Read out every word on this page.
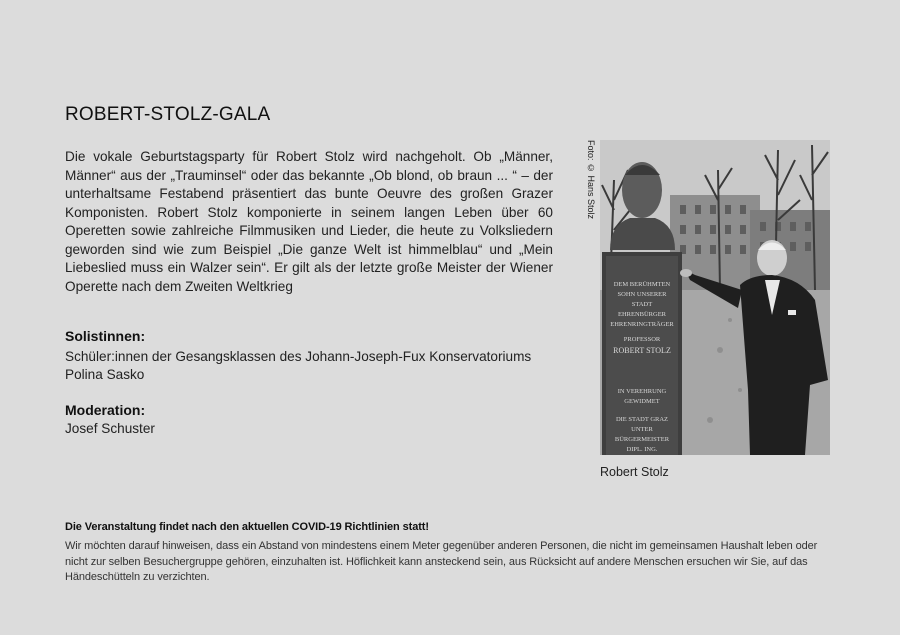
ROBERT-STOLZ-GALA

Die vokale Geburtstagsparty für Robert Stolz wird nachgeholt. Ob „Männer, Männer“ aus der „Trauminsel“ oder das bekannte „Ob blond, ob braun ... “ – der unterhaltsame Festabend präsentiert das bunte Oeuvre des großen Grazer Komponisten. Robert Stolz komponierte in seinem langen Leben über 60 Operetten sowie zahlreiche Filmmusiken und Lieder, die heute zu Volksliedern geworden sind wie zum Beispiel „Die ganze Welt ist himmelblau“ und „Mein Liebeslied muss ein Walzer sein“. Er gilt als der letzte große Meister der Wiener Operette nach dem Zweiten Weltkrieg

Solistinnen:

Schüler:innen der Gesangsklassen des Johann-Joseph-Fux Konservatoriums

Polina Sasko

Moderation:

Josef Schuster

Foto: © Hans Stolz
DEM BERÜHMTEN
SOHN UNSERER
STADT
EHRENBÜRGER
EHRENRINGTRÄGER
PROFESSOR
ROBERT STOLZ
IN VEREHRUNG
GEWIDMET
DIE STADT GRAZ
UNTER
BÜRGERMEISTER
DIPL. ING.

Robert Stolz

Die Veranstaltung findet nach den aktuellen COVID-19 Richtlinien statt!

Wir möchten darauf hinweisen, dass ein Abstand von mindestens einem Meter gegenüber anderen Personen, die nicht im gemeinsamen Haushalt leben oder nicht zur selben Besuchergruppe gehören, einzuhalten ist. Höflichkeit kann ansteckend sein, aus Rücksicht auf andere Menschen ersuchen wir Sie, auf das Händeschütteln zu verzichten.
